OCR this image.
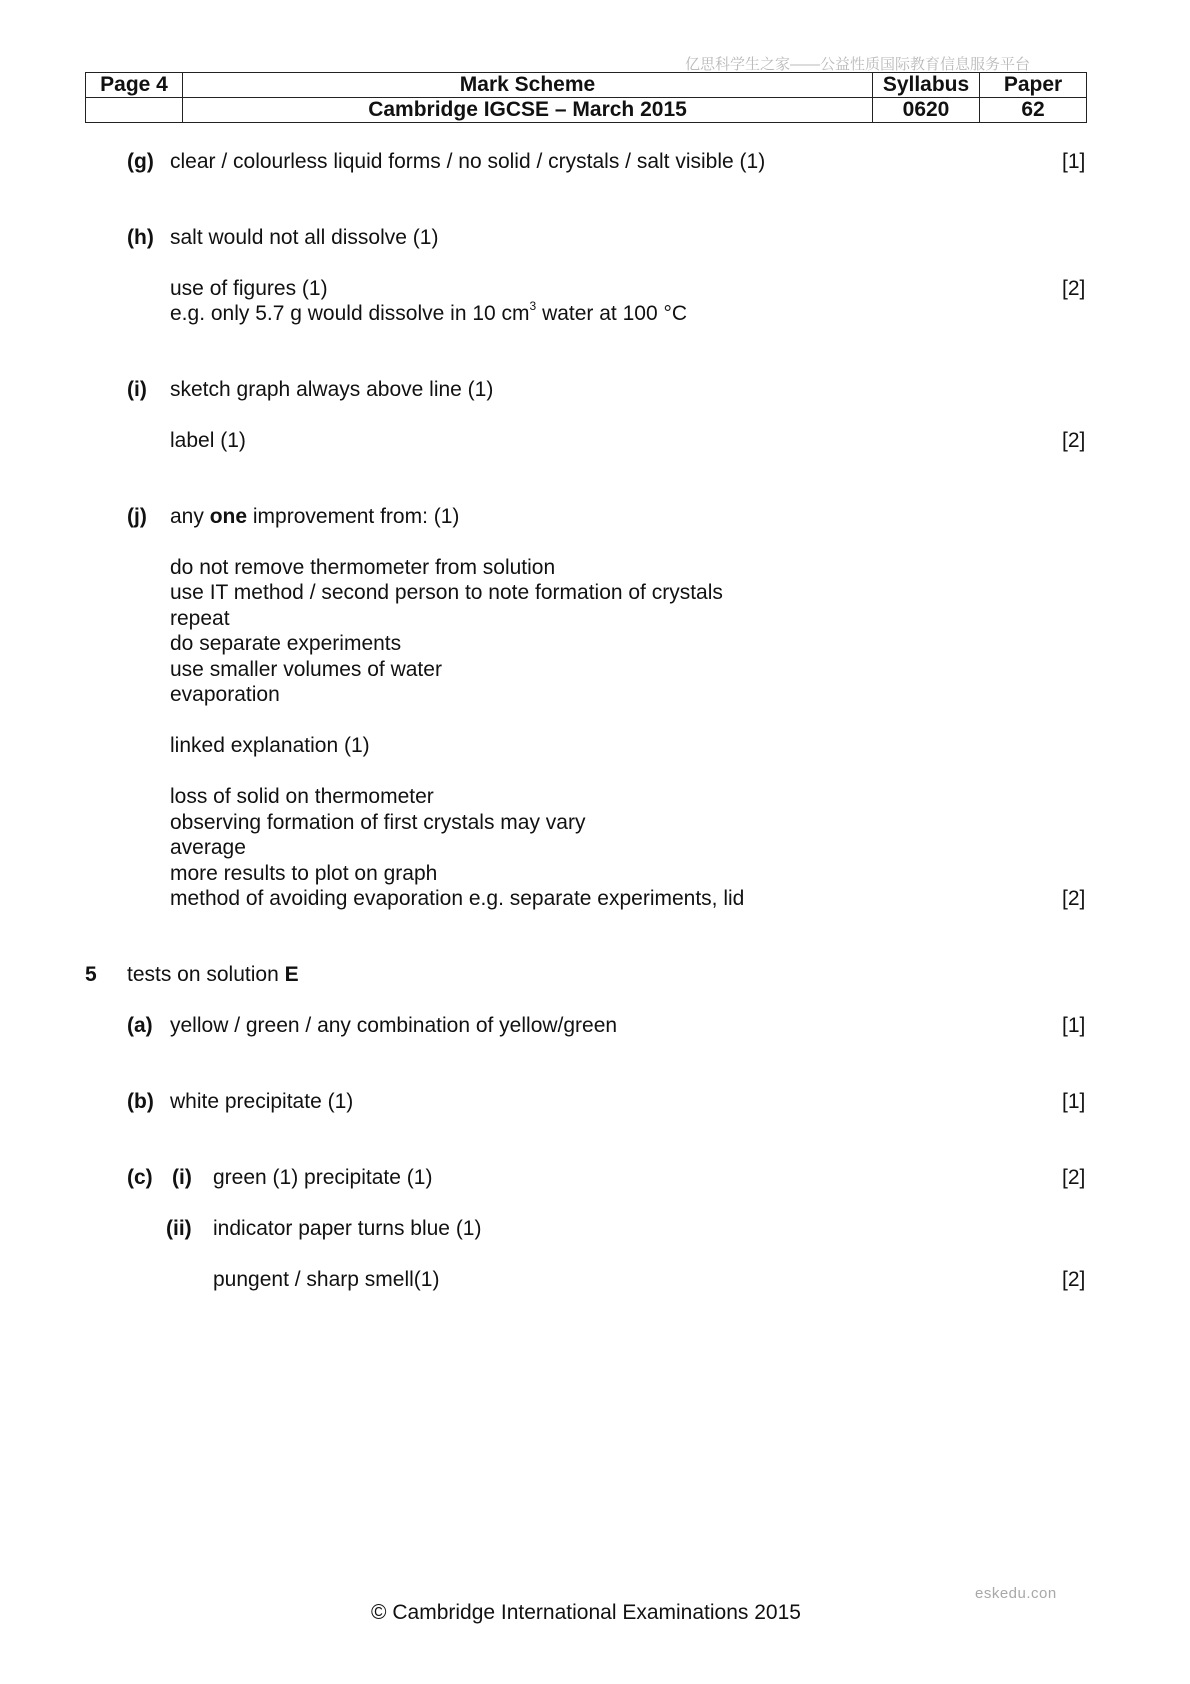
亿思科学生之家——公益性质国际教育信息服务平台
Page 4	Mark Scheme	Syllabus	Paper
	Cambridge IGCSE – March 2015	0620	62
(g) clear / colourless liquid forms / no solid / crystals / salt visible (1)	[1]
(h) salt would not all dissolve (1)
use of figures (1)
e.g. only 5.7 g would dissolve in 10 $cm^3$ water at 100 °C
[2]
(i) sketch graph always above line (1)
label (1)	[2]
(j) any one improvement from: (1)
do not remove thermometer from solution
use IT method / second person to note formation of crystals
repeat
do separate experiments
use smaller volumes of water
evaporation
linked explanation (1)
loss of solid on thermometer
observing formation of first crystals may vary
average
more results to plot on graph
method of avoiding evaporation e.g. separate experiments, lid	[2]
5 tests on solution E
(a) yellow / green / any combination of yellow/green	[1]
(b) white precipitate (1)	[1]
(c) (i) green (1) precipitate (1)	[2]
(ii) indicator paper turns blue (1)
pungent / sharp smell(1)	[2]
eskedu.con
© Cambridge International Examinations 2015
